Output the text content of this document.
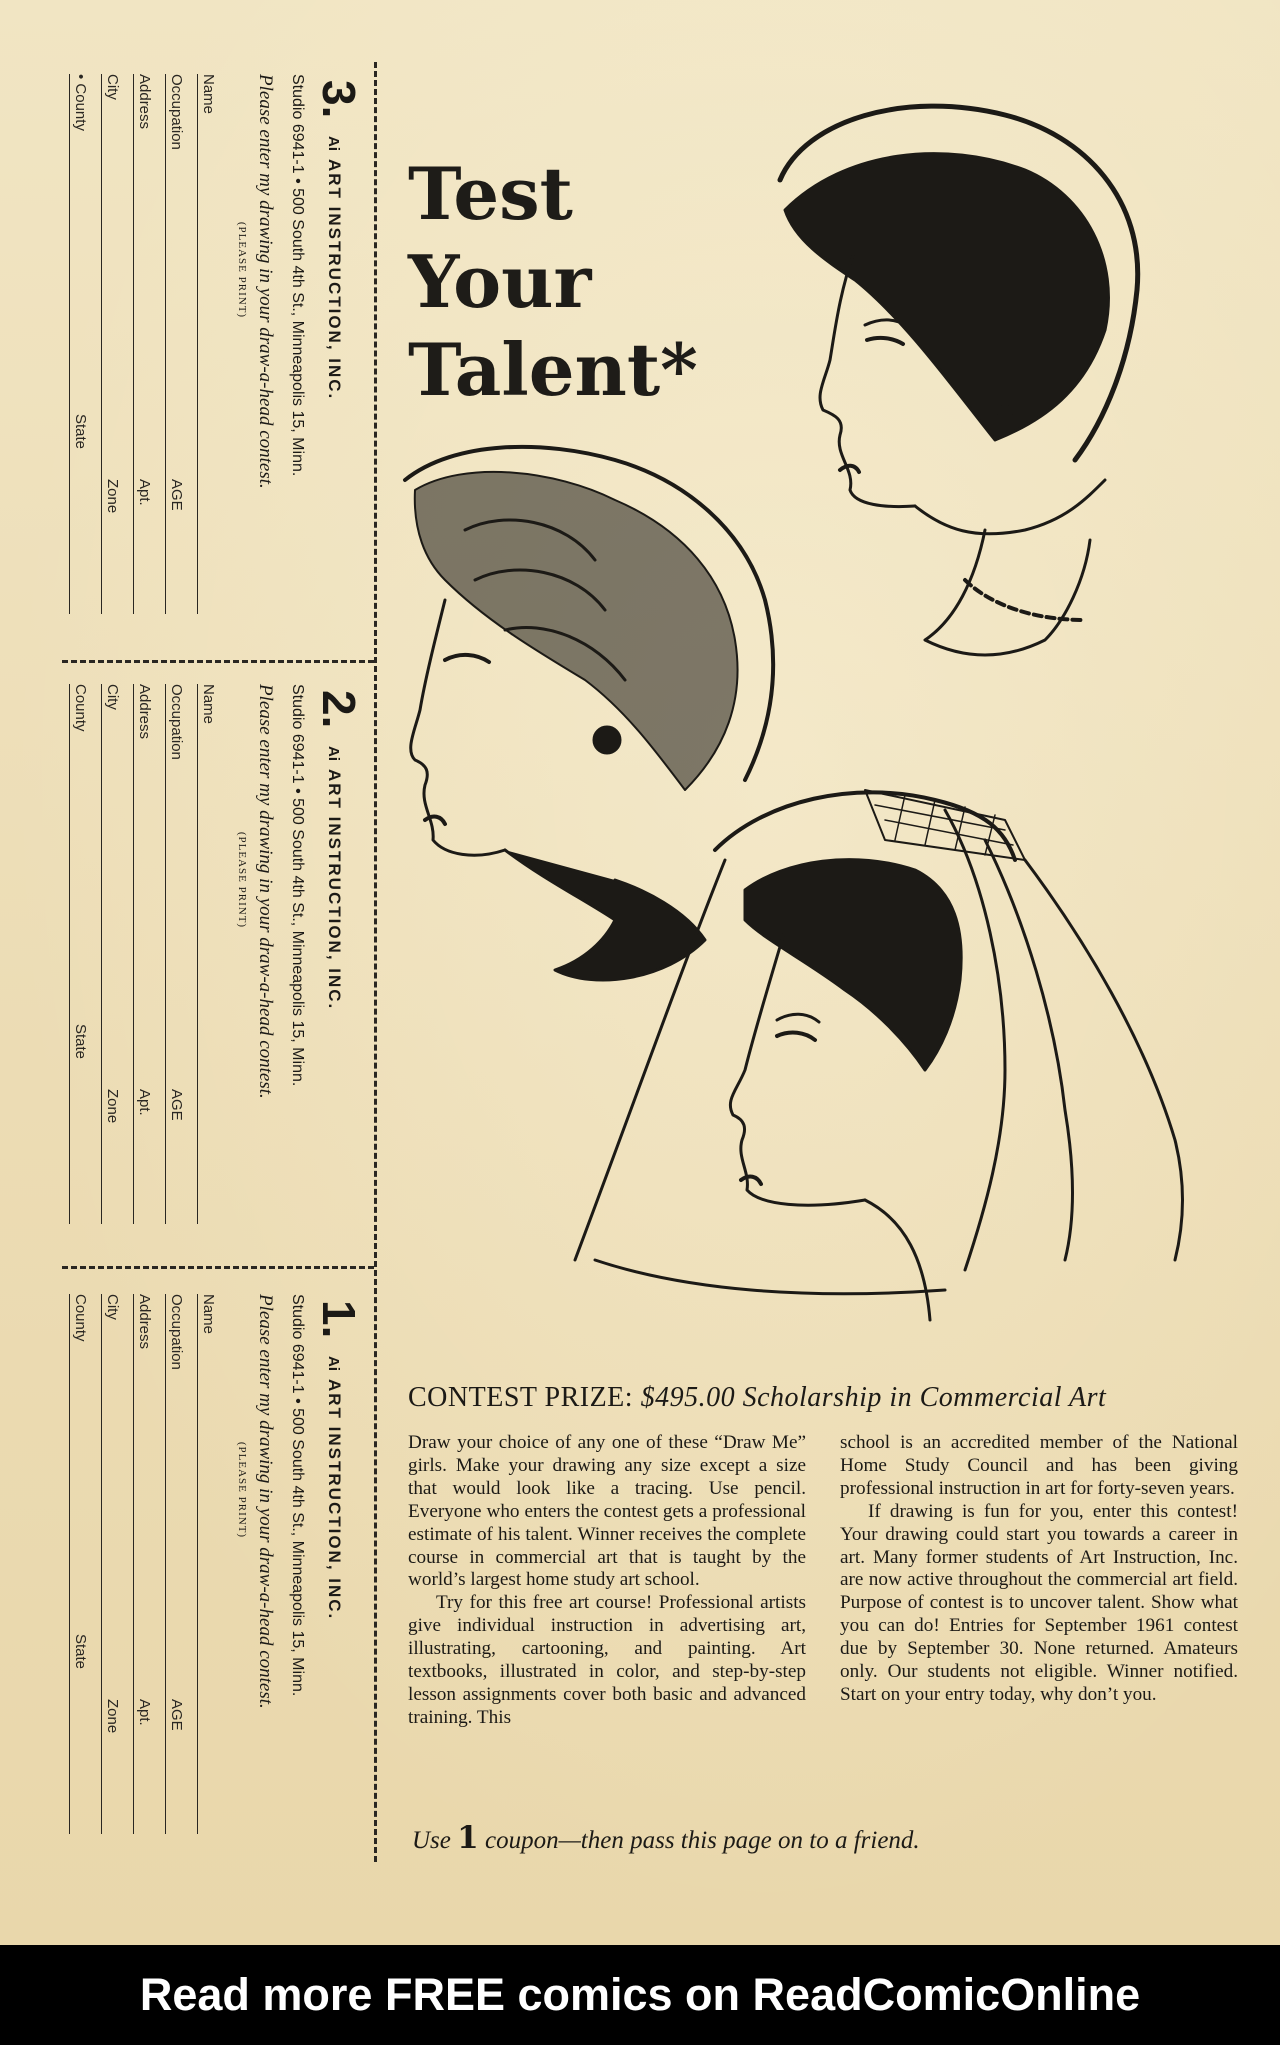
3.
AiART INSTRUCTION, INC.
Studio 6941-1 • 500 South 4th St., Minneapolis 15, Minn.
Please enter my drawing in your draw-a-head contest.
(PLEASE PRINT)
Name
Occupation
AGE
Address
Apt.
City
Zone
• County
State
2.
AiART INSTRUCTION, INC.
Studio 6941-1 • 500 South 4th St., Minneapolis 15, Minn.
Please enter my drawing in your draw-a-head contest.
(PLEASE PRINT)
Name
Occupation
AGE
Address
Apt.
City
Zone
County
State
1.
AiART INSTRUCTION, INC.
Studio 6941-1 • 500 South 4th St., Minneapolis 15, Minn.
Please enter my drawing in your draw-a-head contest.
(PLEASE PRINT)
Name
Occupation
AGE
Address
Apt.
City
Zone
County
State
Test
Your
Talent*
CONTEST PRIZE: $495.00 Scholarship in Commercial Art

Draw your choice of any one of these “Draw Me” girls. Make your drawing any size except a size that would look like a tracing. Use pencil. Everyone who enters the contest gets a professional estimate of his talent. Winner receives the complete course in commercial art that is taught by the world’s largest home study art school.

Try for this free art course! Professional artists give individual instruction in advertising art, illustrating, cartooning, and painting. Art textbooks, illustrated in color, and step-by-step lesson assignments cover both basic and advanced training. This

school is an accredited member of the National Home Study Council and has been giving professional instruction in art for forty-seven years.

If drawing is fun for you, enter this contest! Your drawing could start you towards a career in art. Many former students of Art Instruction, Inc. are now active throughout the commercial art field. Purpose of contest is to uncover talent. Show what you can do! Entries for September 1961 contest due by September 30. None returned. Amateurs only. Our students not eligible. Winner notified. Start on your entry today, why don’t you.

Use 1 coupon—then pass this page on to a friend.
Read more FREE comics on ReadComicOnline
